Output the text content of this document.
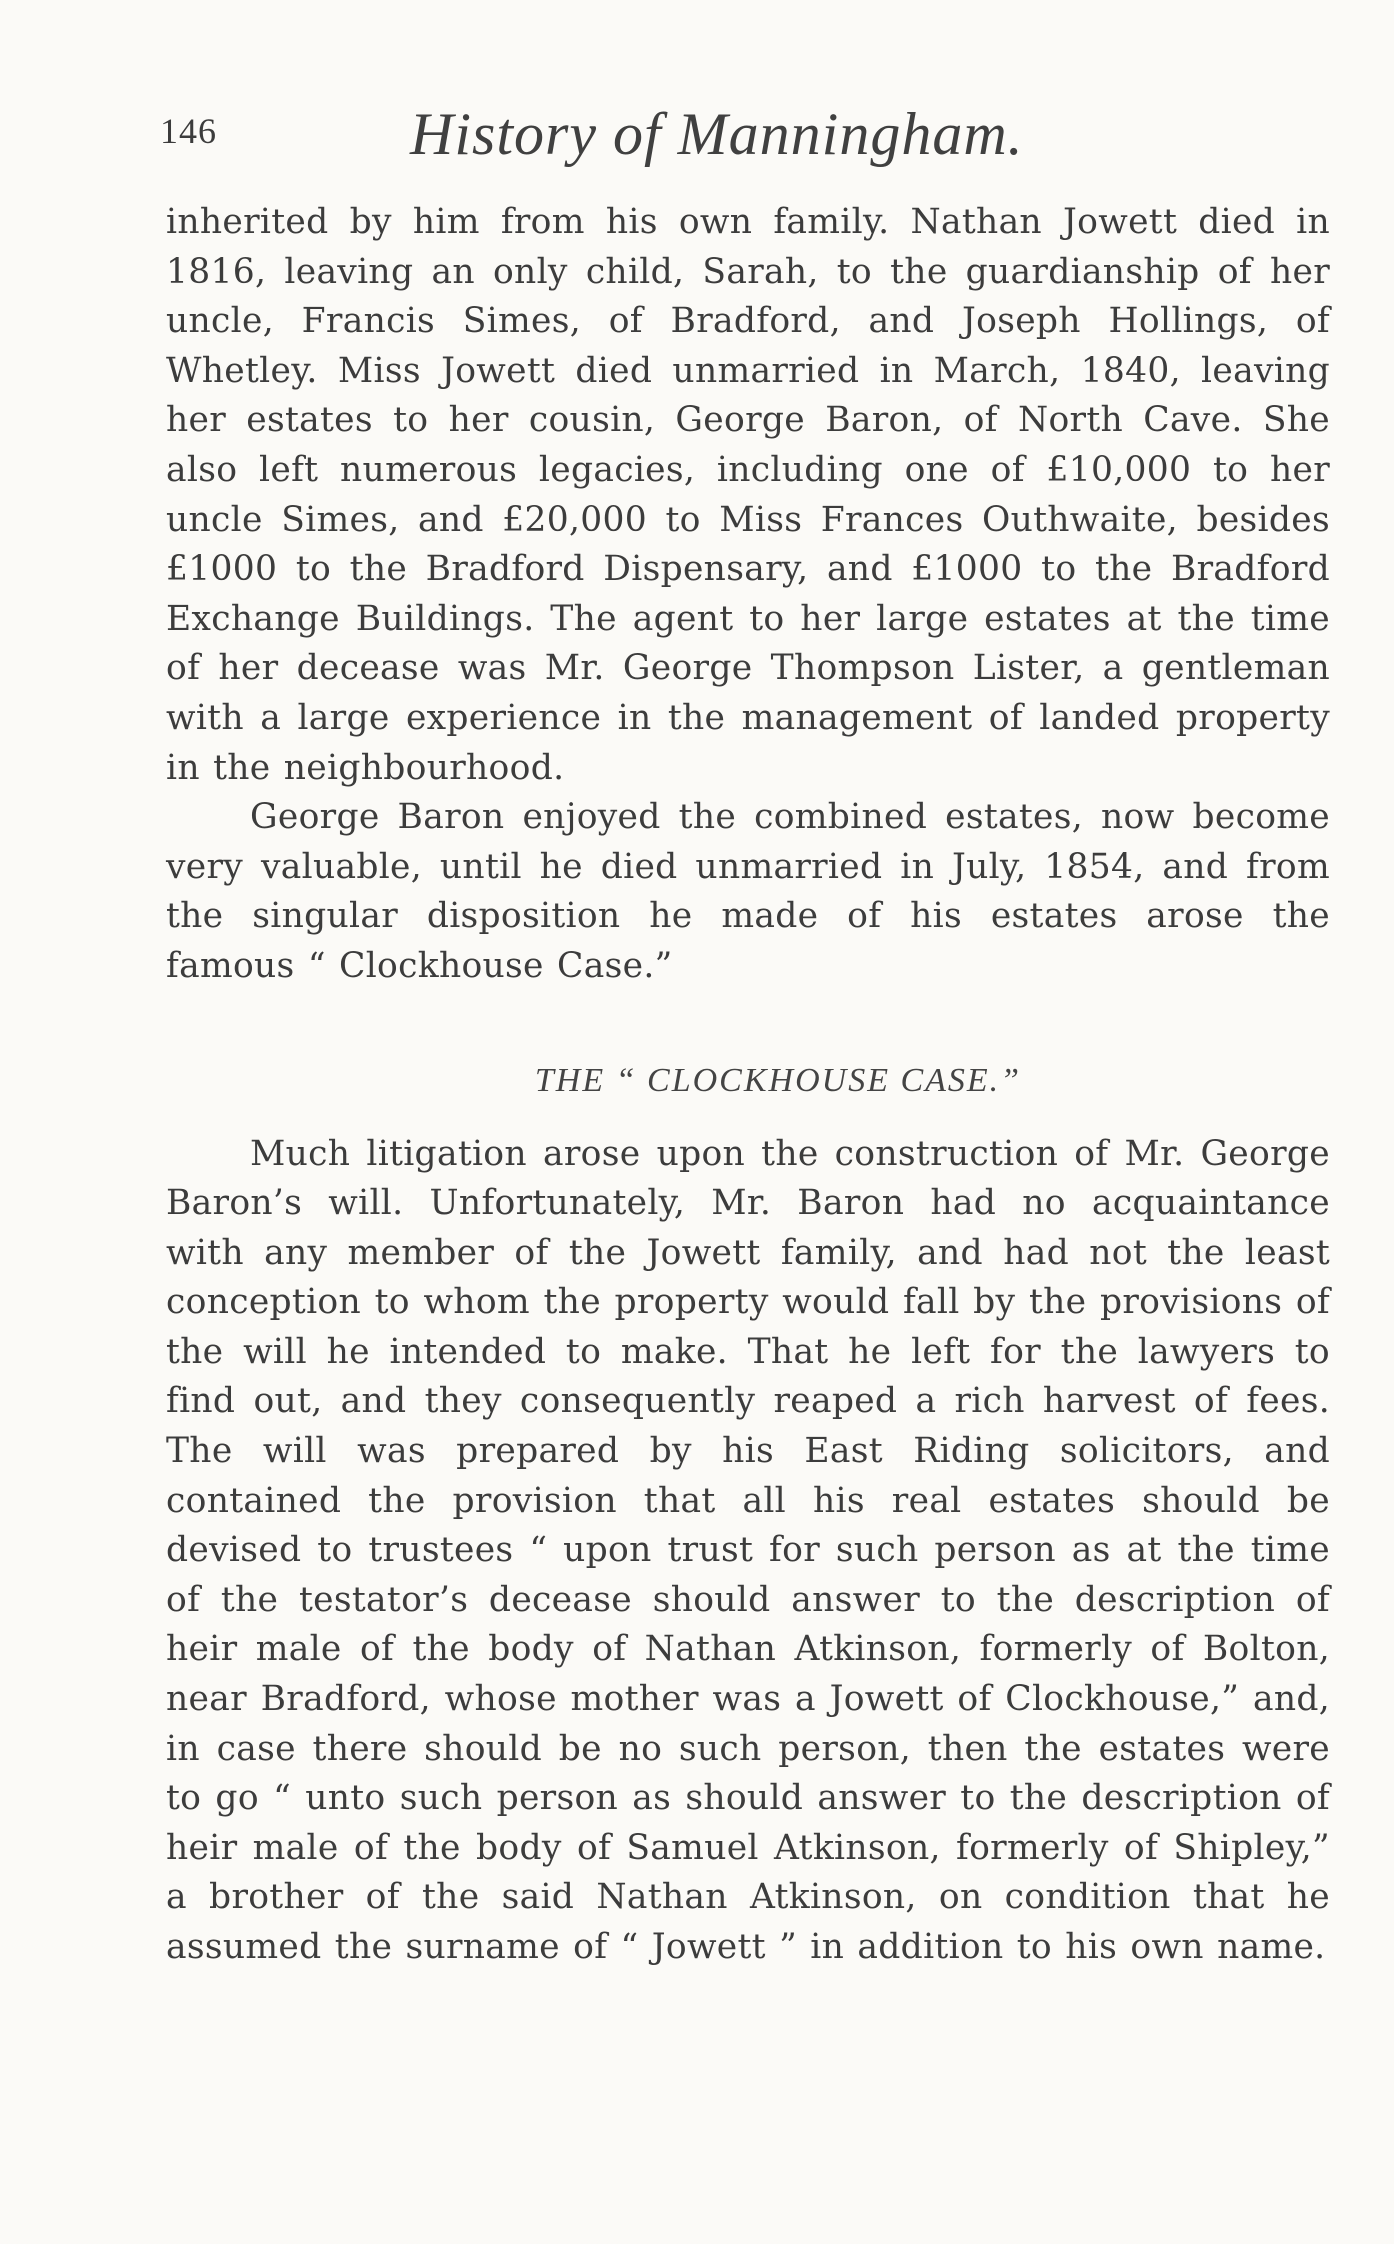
146	History of Manningham.

inherited by him from his own family. Nathan Jowett died in 1816, leaving an only child, Sarah, to the guardianship of her uncle, Francis Simes, of Bradford, and Joseph Hollings, of Whetley. Miss Jowett died unmarried in March, 1840, leaving her estates to her cousin, George Baron, of North Cave. She also left numerous legacies, including one of £10,000 to her uncle Simes, and £20,000 to Miss Frances Outhwaite, besides £1000 to the Bradford Dispensary, and £1000 to the Bradford Exchange Buildings. The agent to her large estates at the time of her decease was Mr. George Thompson Lister, a gentleman with a large experience in the management of landed property in the neighbourhood.

George Baron enjoyed the combined estates, now become very valuable, until he died unmarried in July, 1854, and from the singular disposition he made of his estates arose the famous “ Clockhouse Case.”

THE “ CLOCKHOUSE CASE.”

Much litigation arose upon the construction of Mr. George Baron’s will. Unfortunately, Mr. Baron had no acquaintance with any member of the Jowett family, and had not the least conception to whom the property would fall by the provisions of the will he intended to make. That he left for the lawyers to find out, and they consequently reaped a rich harvest of fees. The will was prepared by his East Riding solicitors, and contained the provision that all his real estates should be devised to trustees “ upon trust for such person as at the time of the testator’s decease should answer to the description of heir male of the body of Nathan Atkinson, formerly of Bolton, near Bradford, whose mother was a Jowett of Clockhouse,” and, in case there should be no such person, then the estates were to go “ unto such person as should answer to the description of heir male of the body of Samuel Atkinson, formerly of Shipley,” a brother of the said Nathan Atkinson, on condition that he assumed the surname of “ Jowett ” in addition to his own name.
